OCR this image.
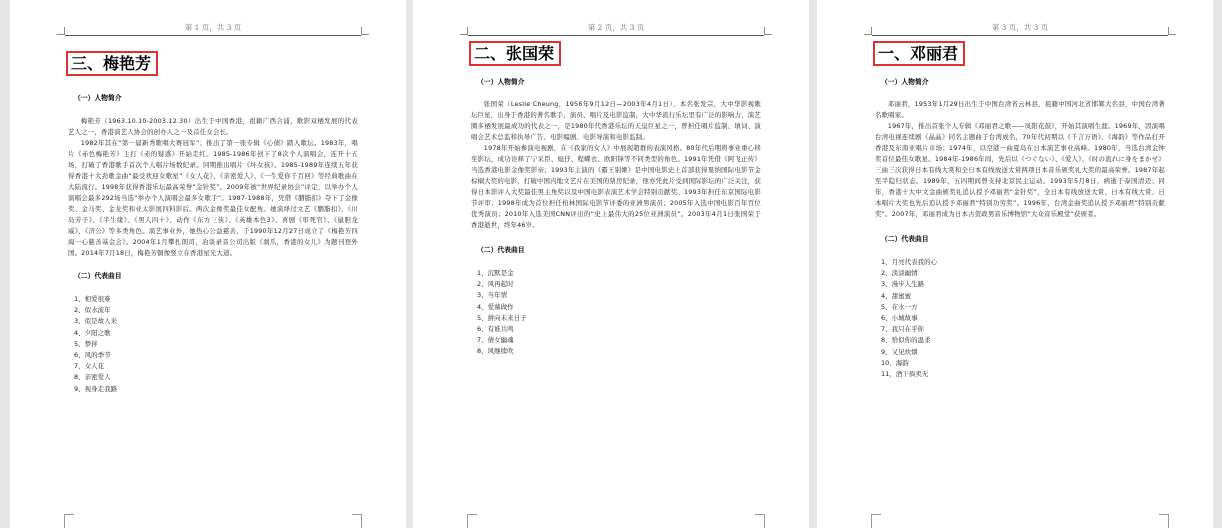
第 1 页，共 3 页
三、梅艳芳
（一）人物简介
梅艳芳（1963.10.10-2003.12.30）出生于中国香港，祖籍广西合浦，歌影双栖发展的代表艺人之一，香港演艺人协会的创办人之一及首任女会长。
1982年其在“第一届新秀歌唱大赛冠军”；推出了第一张专辑《心债》踏入歌坛。1983年，唱片《赤色梅艳芳》主打《赤的疑惑》开始走红。1985-1986年创下了8次个人演唱会，连开十五场，打破了香港歌手首次个人唱片场数纪录。同期推出唱片《坏女孩》。1985-1989年连续五年获得香港十大劲歌金曲“最受欢迎女歌星”《女人花》、《亲密爱人》、《一生爱你千百回》等经典歌曲在大陆流行。1998年获得香港乐坛最高荣誉“金针奖”。2009年被“世界纪录协会”评定，以举办个人演唱会最多292场当选“举办个人演唱会最多女歌手”。1987-1988年，凭借《胭脂扣》夺下了金像奖、金马奖、金龙奖和亚太影展四料影后。两次金像奖最佳女配角。她演绎过文艺《胭脂扣》、《川岛芳子》、《半生缘》、《男人四十》、动作《东方三侠》、《英雄本色3》、喜剧《审死官》、《鼠胆龙威》、《济公》等多类角色。演艺事业外，她热心公益慈善，于1990年12月27日成立了《梅艳芳四海一心慈善基金会》。2004年1月攀扎朗司，冶谈录音公司出版《刹爪，香港的女儿》为题刊登外国。2014年7月18日，梅艳芳铜像竖立在香港星光大道。
（二）代表曲目
1、相爱很难
2、似水流年
3、似是故人来
4、夕阳之歌
5、梦伴
6、风的季节
7、女人花
8、亲密爱人
9、视身走我路
第 2 页，共 3 页
二、张国荣
（一）人物简介
张国荣（Leslie Cheung，1956年9月12日—2003年4月1日），本名张发宗，大中华影视歌坛巨星，出身于香港的著名歌手、演员、唱片及电影监制，大中华流行乐坛里有广泛的影响力，演艺圈多栖发展最成功的代表之一，是1980年代香港乐坛的天皇巨星之一，曾担任唱片监制、填词、演唱会艺术总监和执导广告、电影编剧、电影导演和电影监制。
1978年开始参演电视剧，在《我家的女人》中展现超群的表演风格。80年代后期将事业重心移至影坛，成功诠释了宁采臣、旭仔、程蝶衣、欧阳锋等不同类型的角色。1991年凭借《阿飞正传》当选香港电影金像奖影帝；1993年主演的《霸王别姬》是中国电影史上首部获得戛纳国际电影节金棕榈大奖的电影，打破中国内地文艺片在美国的票房纪录，他亦凭此片受到国际影坛的广泛关注，获得日本影评人大奖最佳男主角奖以及中国电影表演艺术学会特别贡献奖。1993年担任东京国际电影节评审；1998年成为首位担任柏林国际电影节评委的亚洲男演员；2005年入选中国电影百年百位优秀演员；2010年入选美国CNN评出的“史上最伟大的25位亚洲演员”。2003年4月1日张国荣于香港逝世，终年46岁。
（二）代表曲目
1、沉默是金
2、风再起时
3、当年情
4、爱慕做作
5、拼向未来日子
6、有谁共鸣
7、倩女幽魂
8、风继续吹
第 3 页，共 3 页
一、邓丽君
（一）人物简介
邓丽君，1953年1月29日出生于中国台湾省云林县，祖籍中国河北省邯郸大名县，中国台湾著名歌唱家。
1967年，推出首张个人专辑《邓丽君之歌——凤阳花鼓》，开始其演唱生涯。1969年，因演唱台湾电视连续剧《晶晶》同名主题曲于台湾成名，70年代初期以《千言万语》、《海韵》等作品打开香港及东南亚唱片市场；1974年，以空港一曲夏岛在日本演艺事业高峰。1980年，当选台湾金钟奖首位最佳女歌星。1984年-1986年间，先后以《つぐない》、《爱人》、《时の流れに身をまかせ》三曲三次获得日本有线大赏和全日本有线放送大赏两项日本音乐颁奖礼大奖的最高荣誉。1987年起至半隐归状态。1989年，五四期间曾支持北京民主运动。1993年5月8日，病逝于泰国清迈；同年，香港十大中文金曲颁奖礼追认授予邓丽君“金针奖”，全日本有线放送大赏、日本有线大赏、日本唱片大奖也先后追认授予邓丽君“特别功劳奖”。1996年，台湾金曲奖追认授予邓丽君“特别贡献奖”。2007年，邓丽君成为日本古贺政男音乐博物馆“大众音乐殿堂”获颁者。
（二）代表曲目
1、月亮代表我的心
2、淡淡幽情
3、漫步人生路
4、甜蜜蜜
5、在水一方
6、小城故事
7、我只在乎你
8、恰似你的温柔
9、又见炊烟
10、海韵
11、酒干倘卖无
